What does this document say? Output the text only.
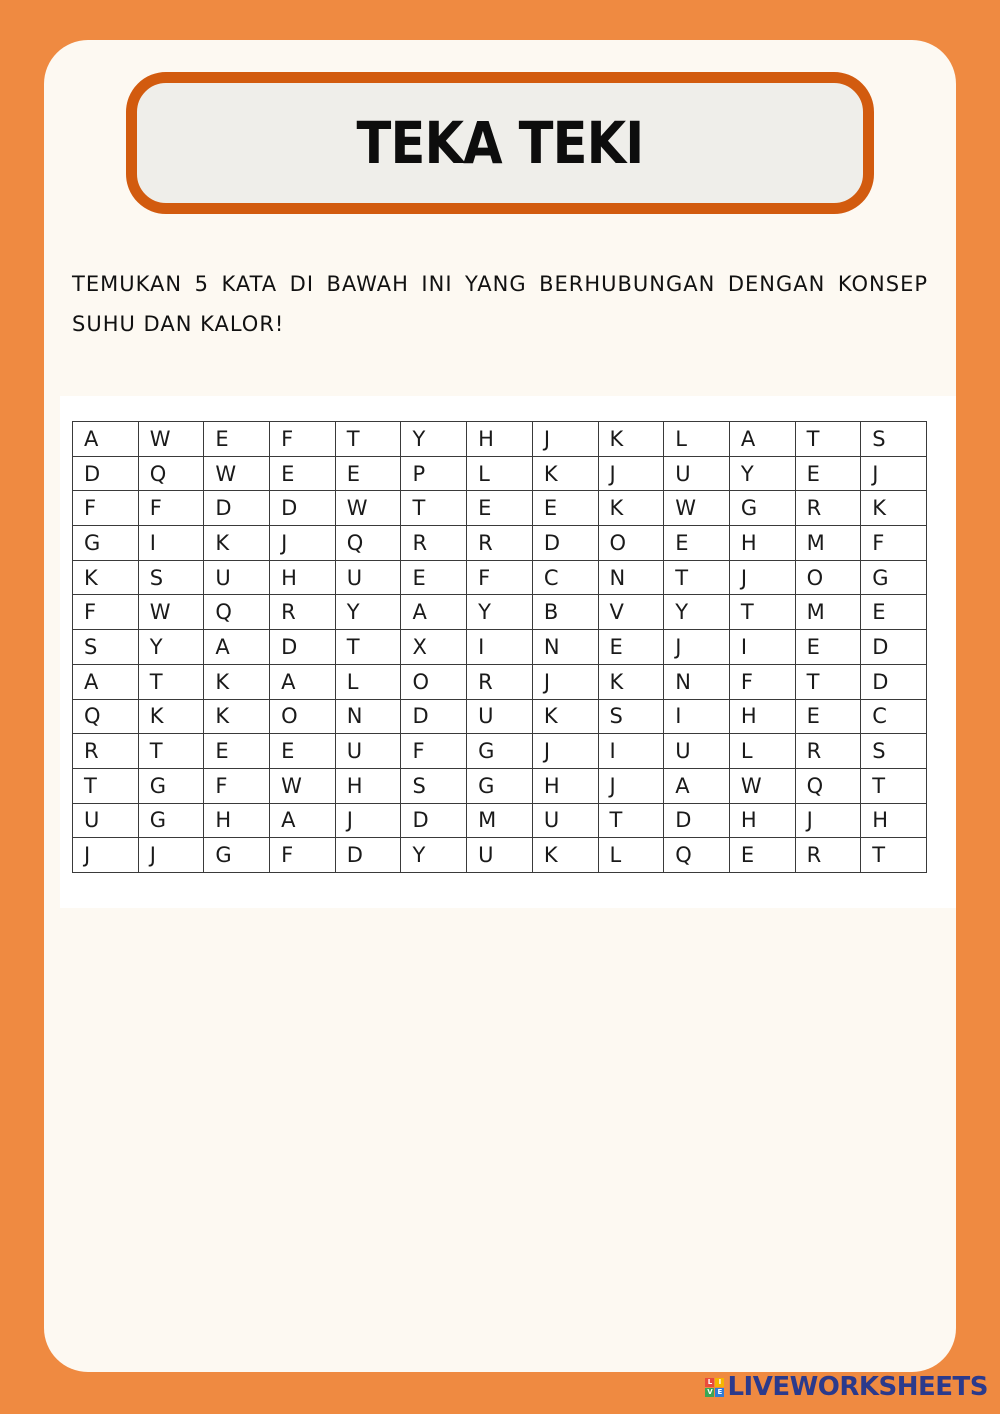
TEKA TEKI
TEMUKAN 5 KATA DI BAWAH INI YANG BERHUBUNGAN DENGAN KONSEP SUHU DAN KALOR!
A	W	E	F	T	Y	H	J	K	L	A	T	S
D	Q	W	E	E	P	L	K	J	U	Y	E	J
F	F	D	D	W	T	E	E	K	W	G	R	K
G	I	K	J	Q	R	R	D	O	E	H	M	F
K	S	U	H	U	E	F	C	N	T	J	O	G
F	W	Q	R	Y	A	Y	B	V	Y	T	M	E
S	Y	A	D	T	X	I	N	E	J	I	E	D
A	T	K	A	L	O	R	J	K	N	F	T	D
Q	K	K	O	N	D	U	K	S	I	H	E	C
R	T	E	E	U	F	G	J	I	U	L	R	S
T	G	F	W	H	S	G	H	J	A	W	Q	T
U	G	H	A	J	D	M	U	T	D	H	J	H
J	J	G	F	D	Y	U	K	L	Q	E	R	T
L I
V E LIVEWORKSHEETS
